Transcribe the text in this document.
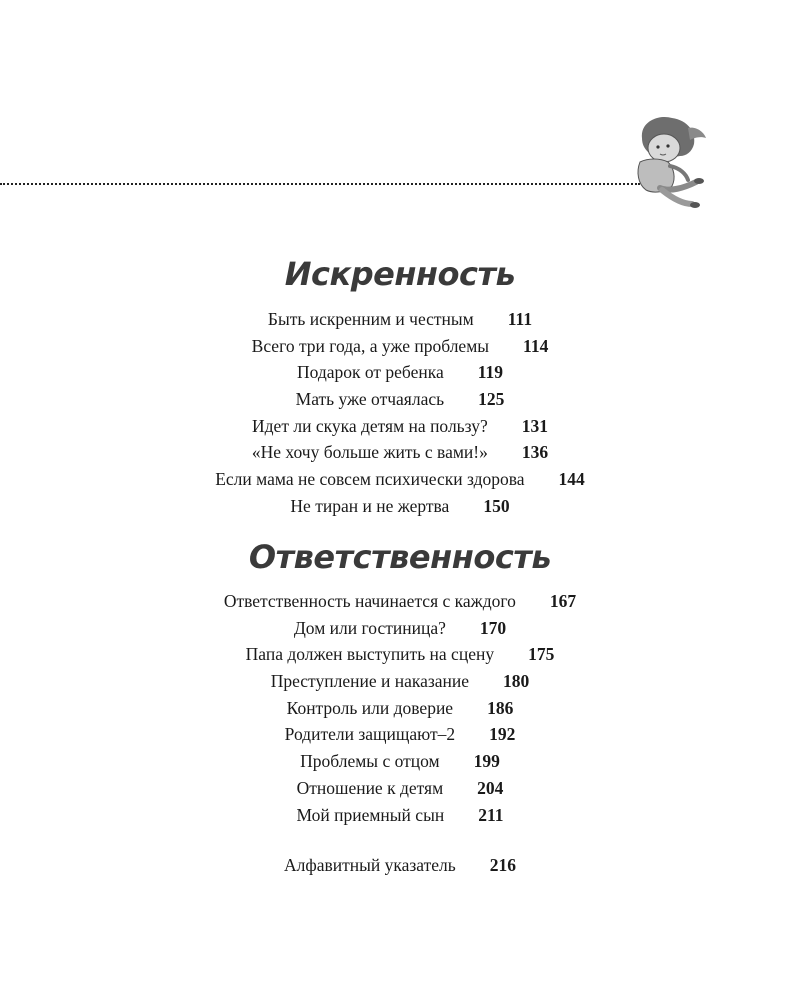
Искренность
Быть искренним и честным 111
Всего три года, а уже проблемы 114
Подарок от ребенка 119
Мать уже отчаялась 125
Идет ли скука детям на пользу? 131
«Не хочу больше жить с вами!» 136
Если мама не совсем психически здорова 144
Не тиран и не жертва 150
Ответственность
Ответственность начинается с каждого 167
Дом или гостиница? 170
Папа должен выступить на сцену 175
Преступление и наказание 180
Контроль или доверие 186
Родители защищают–2 192
Проблемы с отцом 199
Отношение к детям 204
Мой приемный сын 211
Алфавитный указатель 216
